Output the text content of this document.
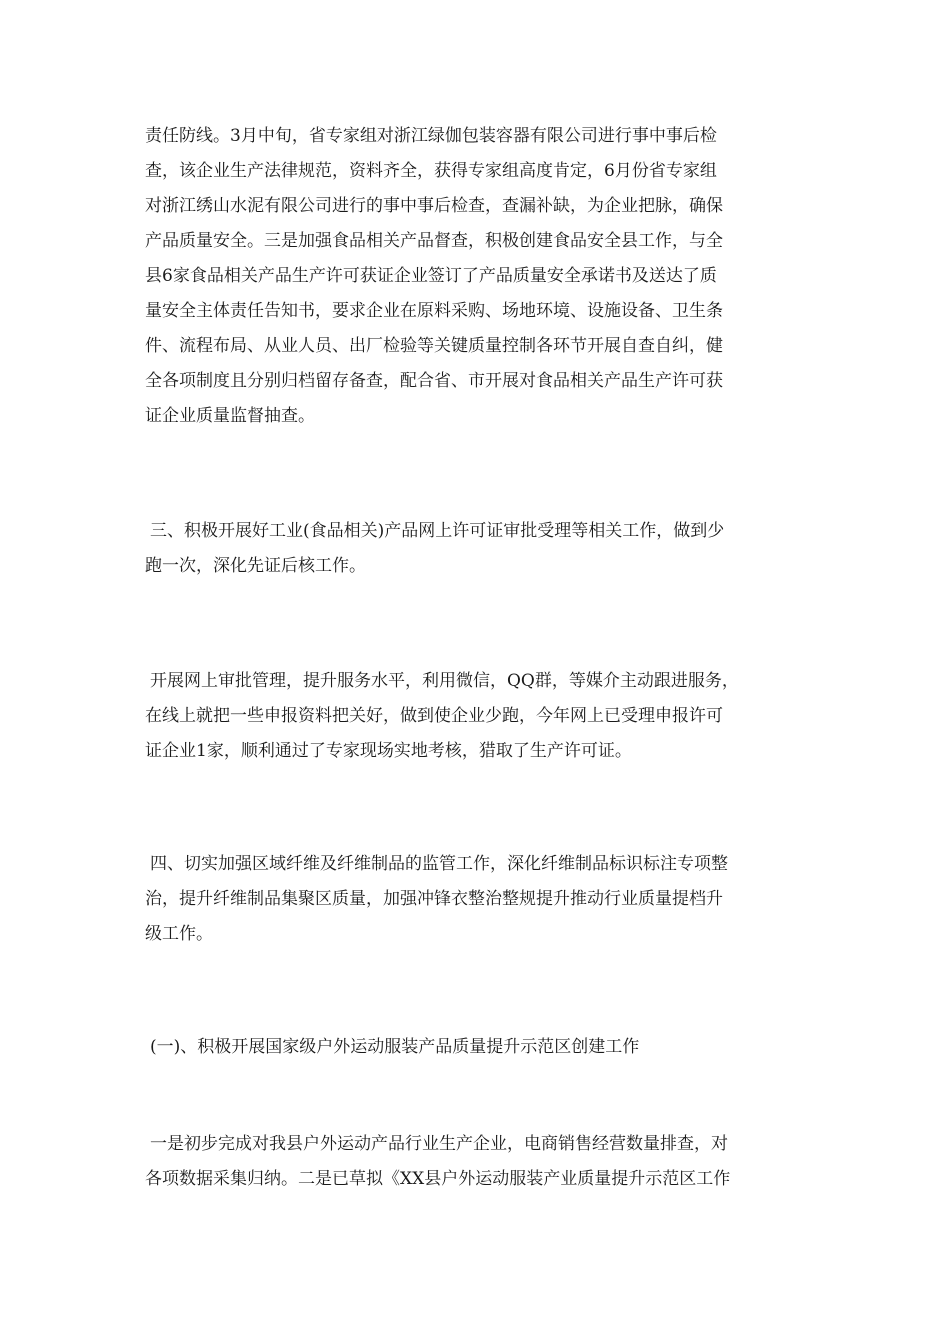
责任防线。3月中旬，省专家组对浙江绿伽包装容器有限公司进行事中事后检
查，该企业生产法律规范，资料齐全，获得专家组高度肯定，6月份省专家组
对浙江绣山水泥有限公司进行的事中事后检查，查漏补缺，为企业把脉，确保
产品质量安全。三是加强食品相关产品督查，积极创建食品安全县工作，与全
县6家食品相关产品生产许可获证企业签订了产品质量安全承诺书及送达了质
量安全主体责任告知书，要求企业在原料采购、场地环境、设施设备、卫生条
件、流程布局、从业人员、出厂检验等关键质量控制各环节开展自查自纠，健
全各项制度且分别归档留存备查，配合省、市开展对食品相关产品生产许可获
证企业质量监督抽查。
三、积极开展好工业(食品相关)产品网上许可证审批受理等相关工作，做到少
跑一次，深化先证后核工作。
开展网上审批管理，提升服务水平，利用微信，QQ群，等媒介主动跟进服务，
在线上就把一些申报资料把关好，做到使企业少跑，今年网上已受理申报许可
证企业1家，顺利通过了专家现场实地考核，猎取了生产许可证。
四、切实加强区域纤维及纤维制品的监管工作，深化纤维制品标识标注专项整
治，提升纤维制品集聚区质量，加强冲锋衣整治整规提升推动行业质量提档升
级工作。
(一)、积极开展国家级户外运动服装产品质量提升示范区创建工作
一是初步完成对我县户外运动产品行业生产企业，电商销售经营数量排查，对
各项数据采集归纳。二是已草拟《XX县户外运动服装产业质量提升示范区工作
